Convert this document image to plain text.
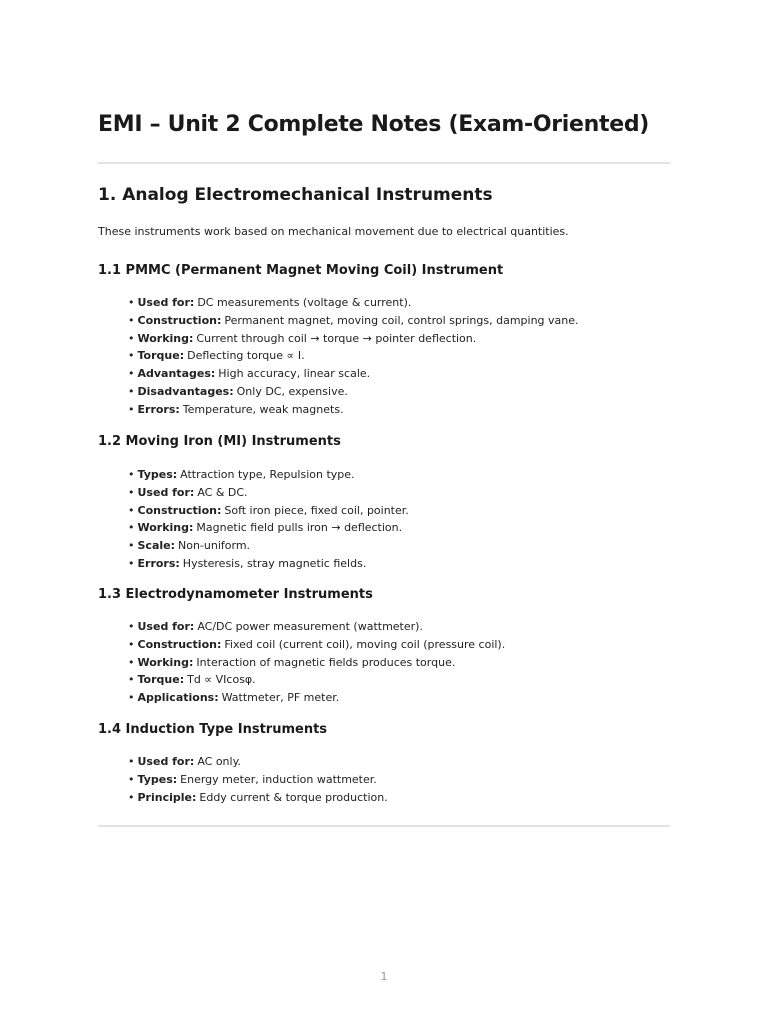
EMI – Unit 2 Complete Notes (Exam-Oriented)
1. Analog Electromechanical Instruments

These instruments work based on mechanical movement due to electrical quantities.

1.1 PMMC (Permanent Magnet Moving Coil) Instrument
• Used for: DC measurements (voltage & current).
• Construction: Permanent magnet, moving coil, control springs, damping vane.
• Working: Current through coil → torque → pointer deflection.
• Torque: Deflecting torque ∝ I.
• Advantages: High accuracy, linear scale.
• Disadvantages: Only DC, expensive.
• Errors: Temperature, weak magnets.
1.2 Moving Iron (MI) Instruments
• Types: Attraction type, Repulsion type.
• Used for: AC & DC.
• Construction: Soft iron piece, fixed coil, pointer.
• Working: Magnetic field pulls iron → deflection.
• Scale: Non-uniform.
• Errors: Hysteresis, stray magnetic fields.
1.3 Electrodynamometer Instruments
• Used for: AC/DC power measurement (wattmeter).
• Construction: Fixed coil (current coil), moving coil (pressure coil).
• Working: Interaction of magnetic fields produces torque.
• Torque: Td ∝ VIcosφ.
• Applications: Wattmeter, PF meter.
1.4 Induction Type Instruments
• Used for: AC only.
• Types: Energy meter, induction wattmeter.
• Principle: Eddy current & torque production.
1
